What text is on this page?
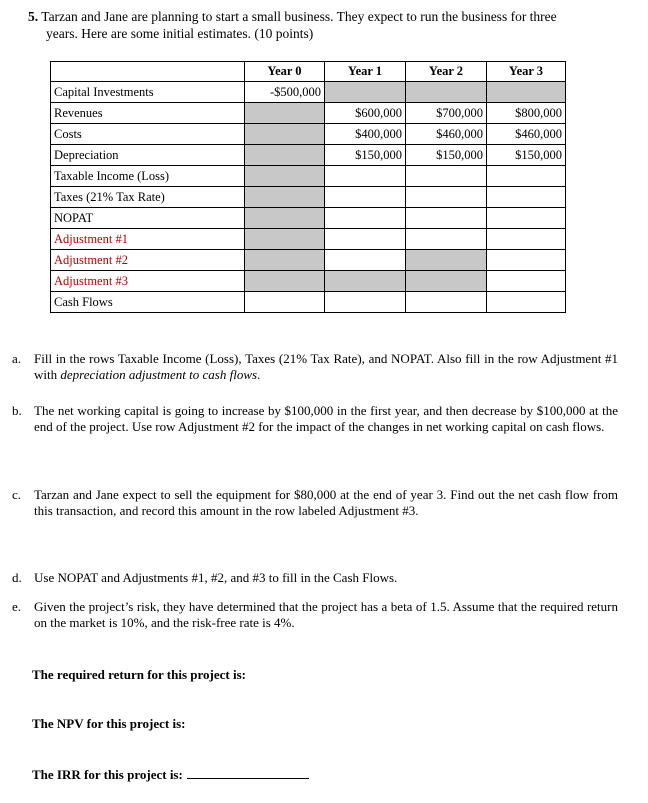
5. Tarzan and Jane are planning to start a small business. They expect to run the business for three
years. Here are some initial estimates. (10 points)
	Year 0	Year 1	Year 2	Year 3
Capital Investments	-$500,000			
Revenues		$600,000	$700,000	$800,000
Costs		$400,000	$460,000	$460,000
Depreciation		$150,000	$150,000	$150,000
Taxable Income (Loss)				
Taxes (21% Tax Rate)				
NOPAT				
Adjustment #1				
Adjustment #2				
Adjustment #3				
Cash Flows				
a. Fill in the rows Taxable Income (Loss), Taxes (21% Tax Rate), and NOPAT. Also fill in the row Adjustment #1 with depreciation adjustment to cash flows.
b. The net working capital is going to increase by $100,000 in the first year, and then decrease by $100,000 at the end of the project. Use row Adjustment #2 for the impact of the changes in net working capital on cash flows.
c. Tarzan and Jane expect to sell the equipment for $80,000 at the end of year 3. Find out the net cash flow from this transaction, and record this amount in the row labeled Adjustment #3.
d. Use NOPAT and Adjustments #1, #2, and #3 to fill in the Cash Flows.
e. Given the project’s risk, they have determined that the project has a beta of 1.5. Assume that the required return on the market is 10%, and the risk-free rate is 4%.
The required return for this project is:
The NPV for this project is:
The IRR for this project is:
